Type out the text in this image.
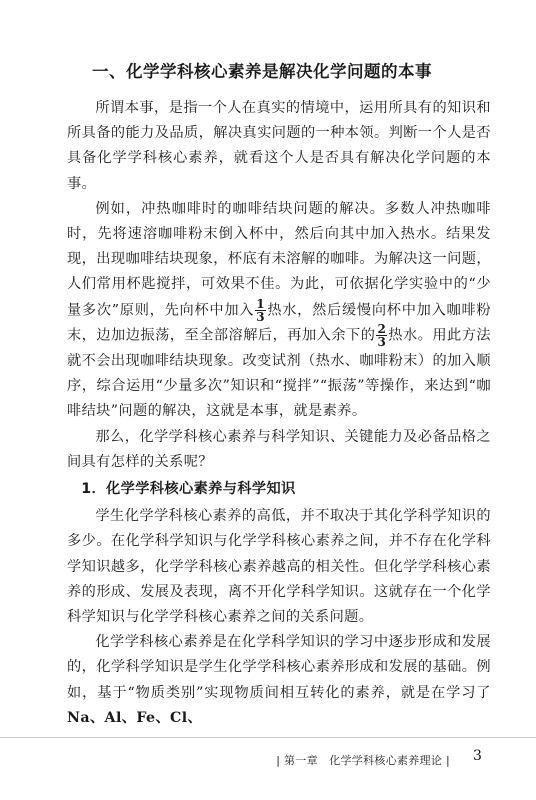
一、化学学科核心素养是解决化学问题的本事

所谓本事，是指一个人在真实的情境中，运用所具有的知识和所具备的能力及品质，解决真实问题的一种本领。判断一个人是否具备化学学科核心素养，就看这个人是否具有解决化学问题的本事。

例如，冲热咖啡时的咖啡结块问题的解决。多数人冲热咖啡时，先将速溶咖啡粉末倒入杯中，然后向其中加入热水。结果发现，出现咖啡结块现象，杯底有未溶解的咖啡。为解决这一问题，人们常用杯匙搅拌，可效果不佳。为此，可依据化学实验中的“少量多次”原则，先向杯中加入 $\frac{1}{3}$ 热水，然后缓慢向杯中加入咖啡粉末，边加边振荡，至全部溶解后，再加入余下的 $\frac{2}{3}$ 热水。用此方法就不会出现咖啡结块现象。改变试剂（热水、咖啡粉末）的加入顺序，综合运用“少量多次”知识和“搅拌”“振荡”等操作，来达到“咖啡结块”问题的解决，这就是本事，就是素养。

那么，化学学科核心素养与科学知识、关键能力及必备品格之间具有怎样的关系呢？

1．化学学科核心素养与科学知识

学生化学学科核心素养的高低，并不取决于其化学科学知识的多少。在化学科学知识与化学学科核心素养之间，并不存在化学科学知识越多，化学学科核心素养越高的相关性。但化学学科核心素养的形成、发展及表现，离不开化学科学知识。这就存在一个化学科学知识与化学学科核心素养之间的关系问题。

化学学科核心素养是在化学科学知识的学习中逐步形成和发展的，化学科学知识是学生化学学科核心素养形成和发展的基础。例如，基于“物质类别”实现物质间相互转化的素养，就是在学习了Na、Al、Fe、Cl、

| 第一章　化学学科核心素养理论 | 3
